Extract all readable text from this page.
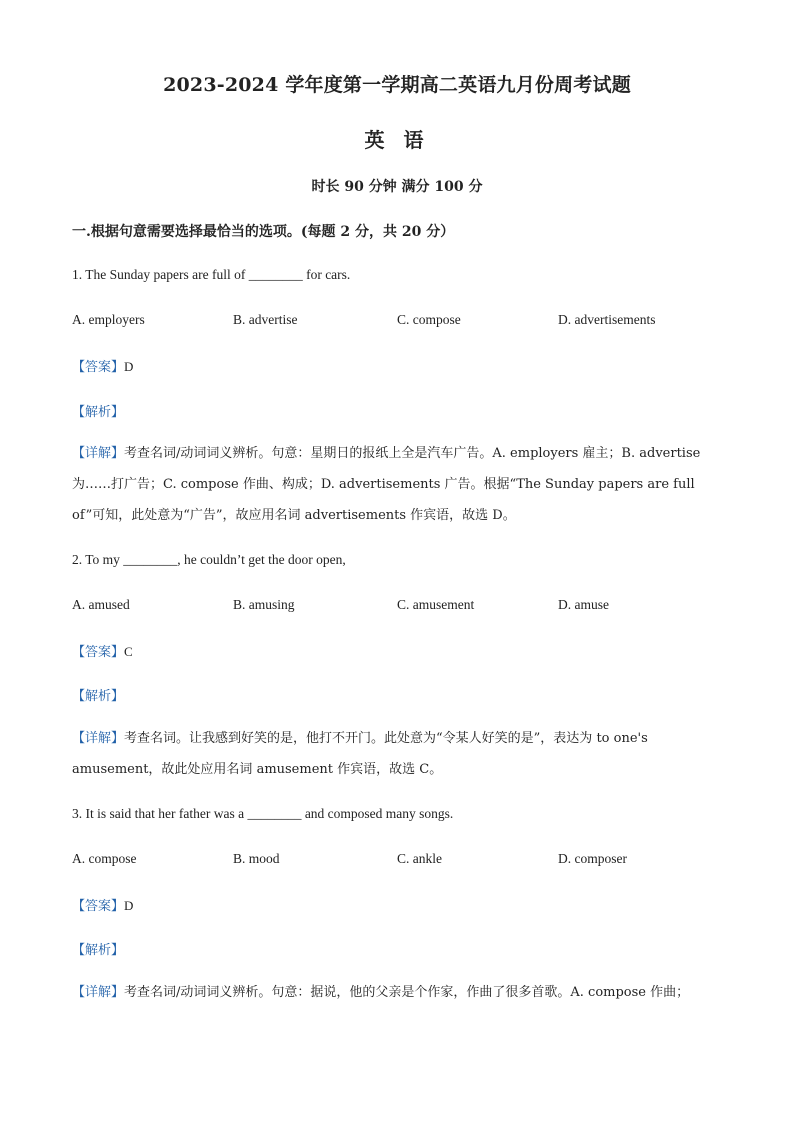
2023-2024 学年度第一学期高二英语九月份周考试题
英 语
时长 90 分钟 满分 100 分
一.根据句意需要选择最恰当的选项。(每题 2 分，共 20 分）
1. The Sunday papers are full of ________ for cars.
A. employers	B. advertise	C. compose	D. advertisements
【答案】D
【解析】
【详解】考查名词/动词词义辨析。句意：星期日的报纸上全是汽车广告。A. employers 雇主；B. advertise 为……打广告；C. compose 作曲、构成；D. advertisements 广告。根据“The Sunday papers are full of”可知，此处意为“广告”，故应用名词 advertisements 作宾语，故选 D。
2. To my ________, he couldn’t get the door open,
A. amused	B. amusing	C. amusement	D. amuse
【答案】C
【解析】
【详解】考查名词。让我感到好笑的是，他打不开门。此处意为“令某人好笑的是”，表达为 to one's amusement，故此处应用名词 amusement 作宾语，故选 C。
3. It is said that her father was a ________ and composed many songs.
A. compose	B. mood	C. ankle	D. composer
【答案】D
【解析】
【详解】考查名词/动词词义辨析。句意：据说，他的父亲是个作家，作曲了很多首歌。A. compose 作曲；
